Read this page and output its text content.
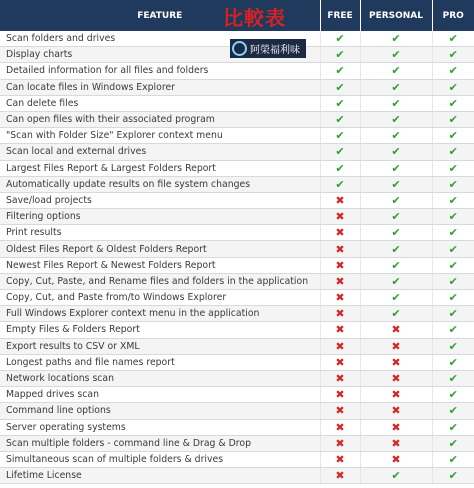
FEATURE	FREE	PERSONAL	PRO
Scan folders and drives	✔	✔	✔
Display charts	✔	✔	✔
Detailed information for all files and folders	✔	✔	✔
Can locate files in Windows Explorer	✔	✔	✔
Can delete files	✔	✔	✔
Can open files with their associated program	✔	✔	✔
"Scan with Folder Size" Explorer context menu	✔	✔	✔
Scan local and external drives	✔	✔	✔
Largest Files Report & Largest Folders Report	✔	✔	✔
Automatically update results on file system changes	✔	✔	✔
Save/load projects	✖	✔	✔
Filtering options	✖	✔	✔
Print results	✖	✔	✔
Oldest Files Report & Oldest Folders Report	✖	✔	✔
Newest Files Report & Newest Folders Report	✖	✔	✔
Copy, Cut, Paste, and Rename files and folders in the application	✖	✔	✔
Copy, Cut, and Paste from/to Windows Explorer	✖	✔	✔
Full Windows Explorer context menu in the application	✖	✔	✔
Empty Files & Folders Report	✖	✖	✔
Export results to CSV or XML	✖	✖	✔
Longest paths and file names report	✖	✖	✔
Network locations scan	✖	✖	✔
Mapped drives scan	✖	✖	✔
Command line options	✖	✖	✔
Server operating systems	✖	✖	✔
Scan multiple folders - command line & Drag & Drop	✖	✖	✔
Simultaneous scan of multiple folders & drives	✖	✖	✔
Lifetime License	✖	✔	✔
比較表
阿榮福利味
